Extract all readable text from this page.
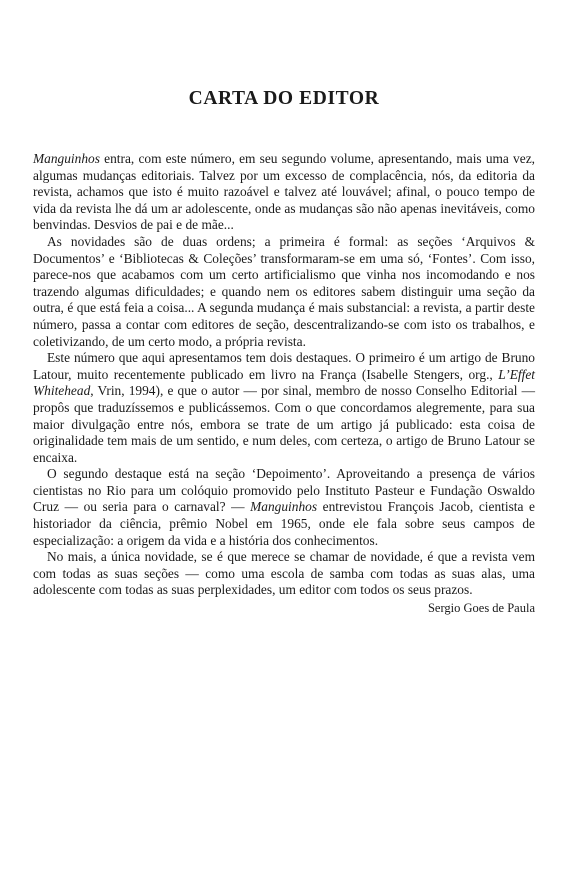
CARTA DO EDITOR

Manguinhos entra, com este número, em seu segundo volume, apresentando, mais uma vez, algumas mudanças editoriais. Talvez por um excesso de complacência, nós, da editoria da revista, achamos que isto é muito razoável e talvez até louvável; afinal, o pouco tempo de vida da revista lhe dá um ar adolescente, onde as mudanças são não apenas inevitáveis, como benvindas. Desvios de pai e de mãe...

As novidades são de duas ordens; a primeira é formal: as seções ‘Arquivos & Documentos’ e ‘Bibliotecas & Coleções’ transformaram-se em uma só, ‘Fontes’. Com isso, parece-nos que acabamos com um certo artificialismo que vinha nos incomodando e nos trazendo algumas dificuldades; e quando nem os editores sabem distinguir uma seção da outra, é que está feia a coisa... A segunda mudança é mais substancial: a revista, a partir deste número, passa a contar com editores de seção, descentralizando-se com isto os trabalhos, e coletivizando, de um certo modo, a própria revista.

Este número que aqui apresentamos tem dois destaques. O primeiro é um artigo de Bruno Latour, muito recentemente publicado em livro na França (Isabelle Stengers, org., L’Effet Whitehead, Vrin, 1994), e que o autor — por sinal, membro de nosso Conselho Editorial — propôs que traduzíssemos e publicássemos. Com o que concordamos alegremente, para sua maior divulgação entre nós, embora se trate de um artigo já publicado: esta coisa de originalidade tem mais de um sentido, e num deles, com certeza, o artigo de Bruno Latour se encaixa.

O segundo destaque está na seção ‘Depoimento’. Aproveitando a presença de vários cientistas no Rio para um colóquio promovido pelo Instituto Pasteur e Fundação Oswaldo Cruz — ou seria para o carnaval? — Manguinhos entrevistou François Jacob, cientista e historiador da ciência, prêmio Nobel em 1965, onde ele fala sobre seus campos de especialização: a origem da vida e a história dos conhecimentos.

No mais, a única novidade, se é que merece se chamar de novidade, é que a revista vem com todas as suas seções — como uma escola de samba com todas as suas alas, uma adolescente com todas as suas perplexidades, um editor com todos os seus prazos.

Sergio Goes de Paula
